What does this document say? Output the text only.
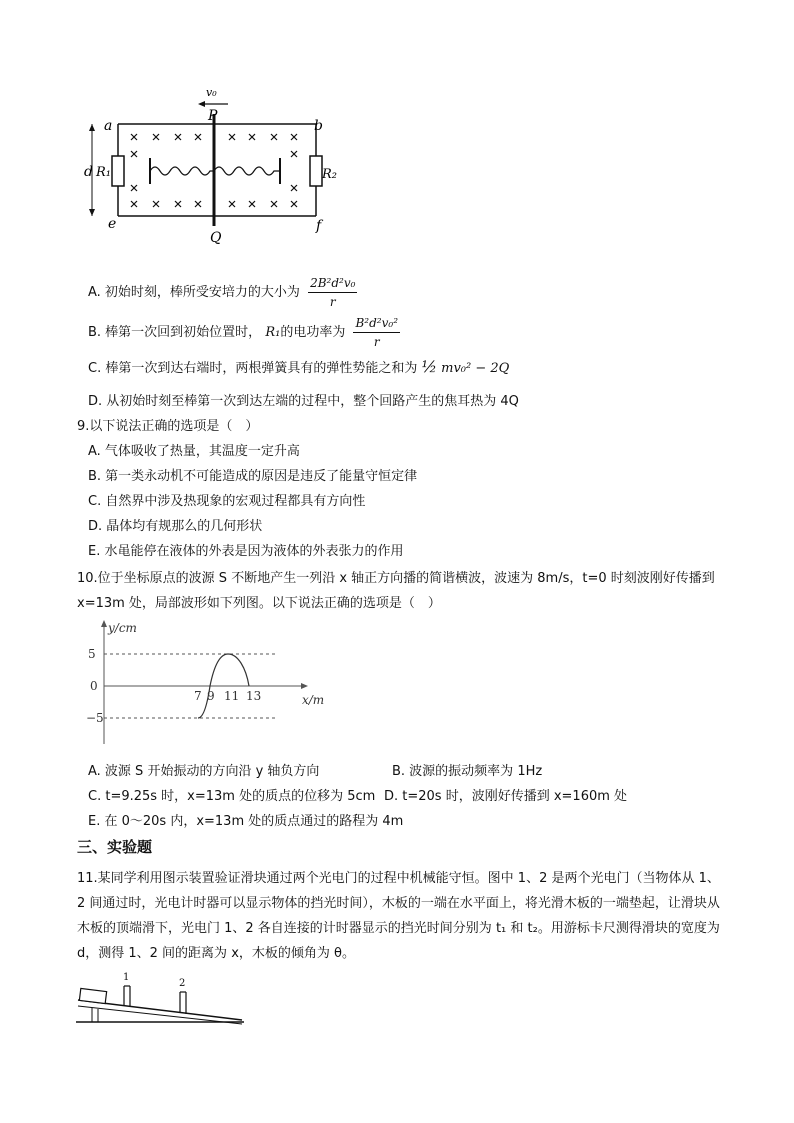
a	b
d
e	f
P
Q
R₁	R₂
v₀
A. 初始时刻，棒所受安培力的大小为 $\frac{\text{2B²d²v₀}}{r}$
B. 棒第一次回到初始位置时， R₁的电功率为 $\frac{\text{B²d²v₀²}}{r}$
C. 棒第一次到达右端时，两根弹簧具有的弹性势能之和为 ½ mv₀² − 2Q
D. 从初始时刻至棒第一次到达左端的过程中，整个回路产生的焦耳热为 4Q
9.以下说法正确的选项是（　）
A. 气体吸收了热量，其温度一定升高
B. 第一类永动机不可能造成的原因是违反了能量守恒定律
C. 自然界中涉及热现象的宏观过程都具有方向性
D. 晶体均有规那么的几何形状
E. 水黾能停在液体的外表是因为液体的外表张力的作用
10.位于坐标原点的波源 S 不断地产生一列沿 x 轴正方向播的简谐横波，波速为 8m/s，t=0 时刻波刚好传播到 x=13m 处，局部波形如下列图。以下说法正确的选项是（　）
y/cm
x/m
5
0
−5
7 9 11 13
A. 波源 S 开始振动的方向沿 y 轴负方向	B. 波源的振动频率为 1Hz
C. t=9.25s 时，x=13m 处的质点的位移为 5cm D. t=20s 时，波刚好传播到 x=160m 处
E. 在 0～20s 内，x=13m 处的质点通过的路程为 4m
三、实验题
11.某同学利用图示装置验证滑块通过两个光电门的过程中机械能守恒。图中 1、2 是两个光电门（当物体从 1、2 间通过时，光电计时器可以显示物体的挡光时间），木板的一端在水平面上，将光滑木板的一端垫起，让滑块从木板的顶端滑下，光电门 1、2 各自连接的计时器显示的挡光时间分别为 t₁ 和 t₂。用游标卡尺测得滑块的宽度为 d，测得 1、2 间的距离为 x，木板的倾角为 θ。
1
2
